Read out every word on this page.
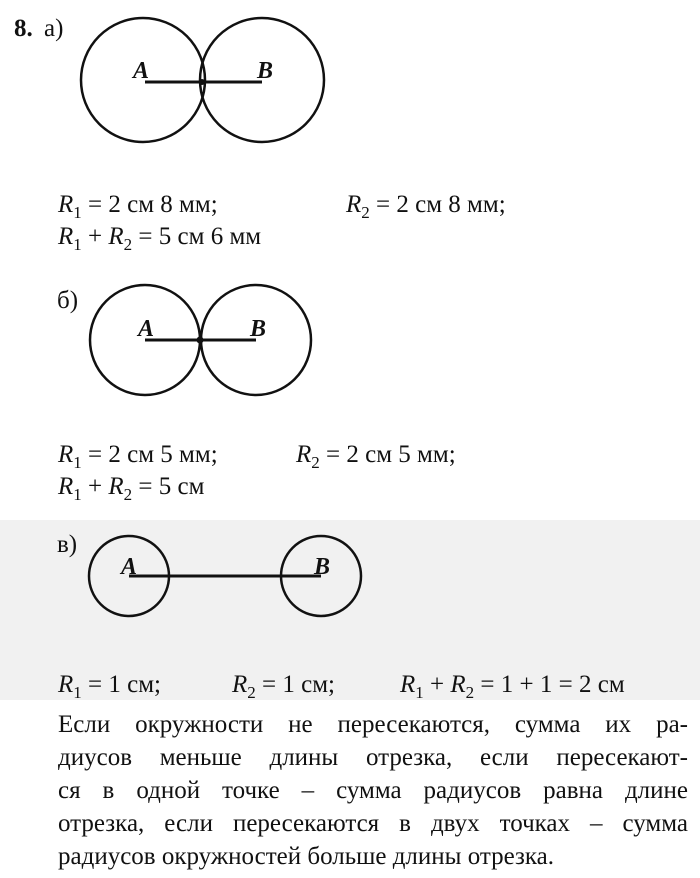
8. а)
б)
в)
A	B
A	B
A	B
$R_1 = 2$ см 8 мм;	$R_2 = 2$ см 8 мм;
$R_1 + R_2 = 5$ см 6 мм
$R_1 = 2$ см 5 мм;	$R_2 = 2$ см 5 мм;
$R_1 + R_2 = 5$ см
$R_1 = 1$ см;	$R_2 = 1$ см;	$R_1 + R_2 = 1 + 1 = 2$ см
Если окружности не пересекаются, сумма их ра-
диусов меньше длины отрезка, если пересекают-
ся в одной точке – сумма радиусов равна длине
отрезка, если пересекаются в двух точках – сумма
радиусов окружностей больше длины отрезка.
